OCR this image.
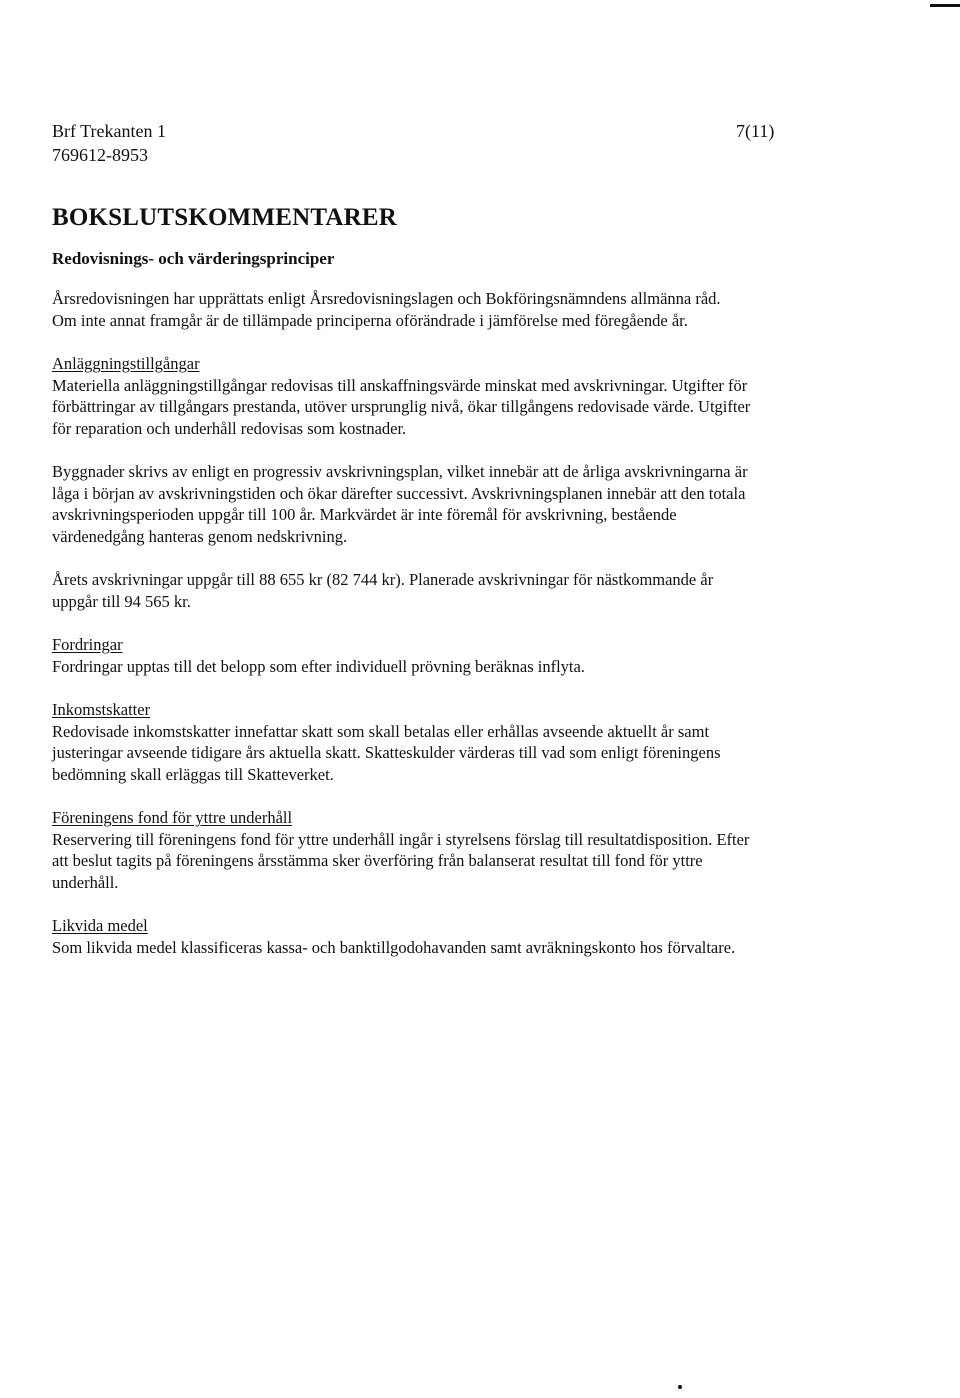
Brf Trekanten 1
769612-8953
7(11)
BOKSLUTSKOMMENTARER
Redovisnings- och värderingsprinciper

Årsredovisningen har upprättats enligt Årsredovisningslagen och Bokföringsnämndens allmänna råd.
Om inte annat framgår är de tillämpade principerna oförändrade i jämförelse med föregående år.

Anläggningstillgångar
Materiella anläggningstillgångar redovisas till anskaffningsvärde minskat med avskrivningar. Utgifter för
förbättringar av tillgångars prestanda, utöver ursprunglig nivå, ökar tillgångens redovisade värde. Utgifter
för reparation och underhåll redovisas som kostnader.

Byggnader skrivs av enligt en progressiv avskrivningsplan, vilket innebär att de årliga avskrivningarna är
låga i början av avskrivningstiden och ökar därefter successivt. Avskrivningsplanen innebär att den totala
avskrivningsperioden uppgår till 100 år. Markvärdet är inte föremål för avskrivning, bestående
värdenedgång hanteras genom nedskrivning.

Årets avskrivningar uppgår till 88 655 kr (82 744 kr). Planerade avskrivningar för nästkommande år
uppgår till 94 565 kr.

Fordringar
Fordringar upptas till det belopp som efter individuell prövning beräknas inflyta.

Inkomstskatter
Redovisade inkomstskatter innefattar skatt som skall betalas eller erhållas avseende aktuellt år samt
justeringar avseende tidigare års aktuella skatt. Skatteskulder värderas till vad som enligt föreningens
bedömning skall erläggas till Skatteverket.

Föreningens fond för yttre underhåll
Reservering till föreningens fond för yttre underhåll ingår i styrelsens förslag till resultatdisposition. Efter
att beslut tagits på föreningens årsstämma sker överföring från balanserat resultat till fond för yttre
underhåll.

Likvida medel
Som likvida medel klassificeras kassa- och banktillgodohavanden samt avräkningskonto hos förvaltare.
